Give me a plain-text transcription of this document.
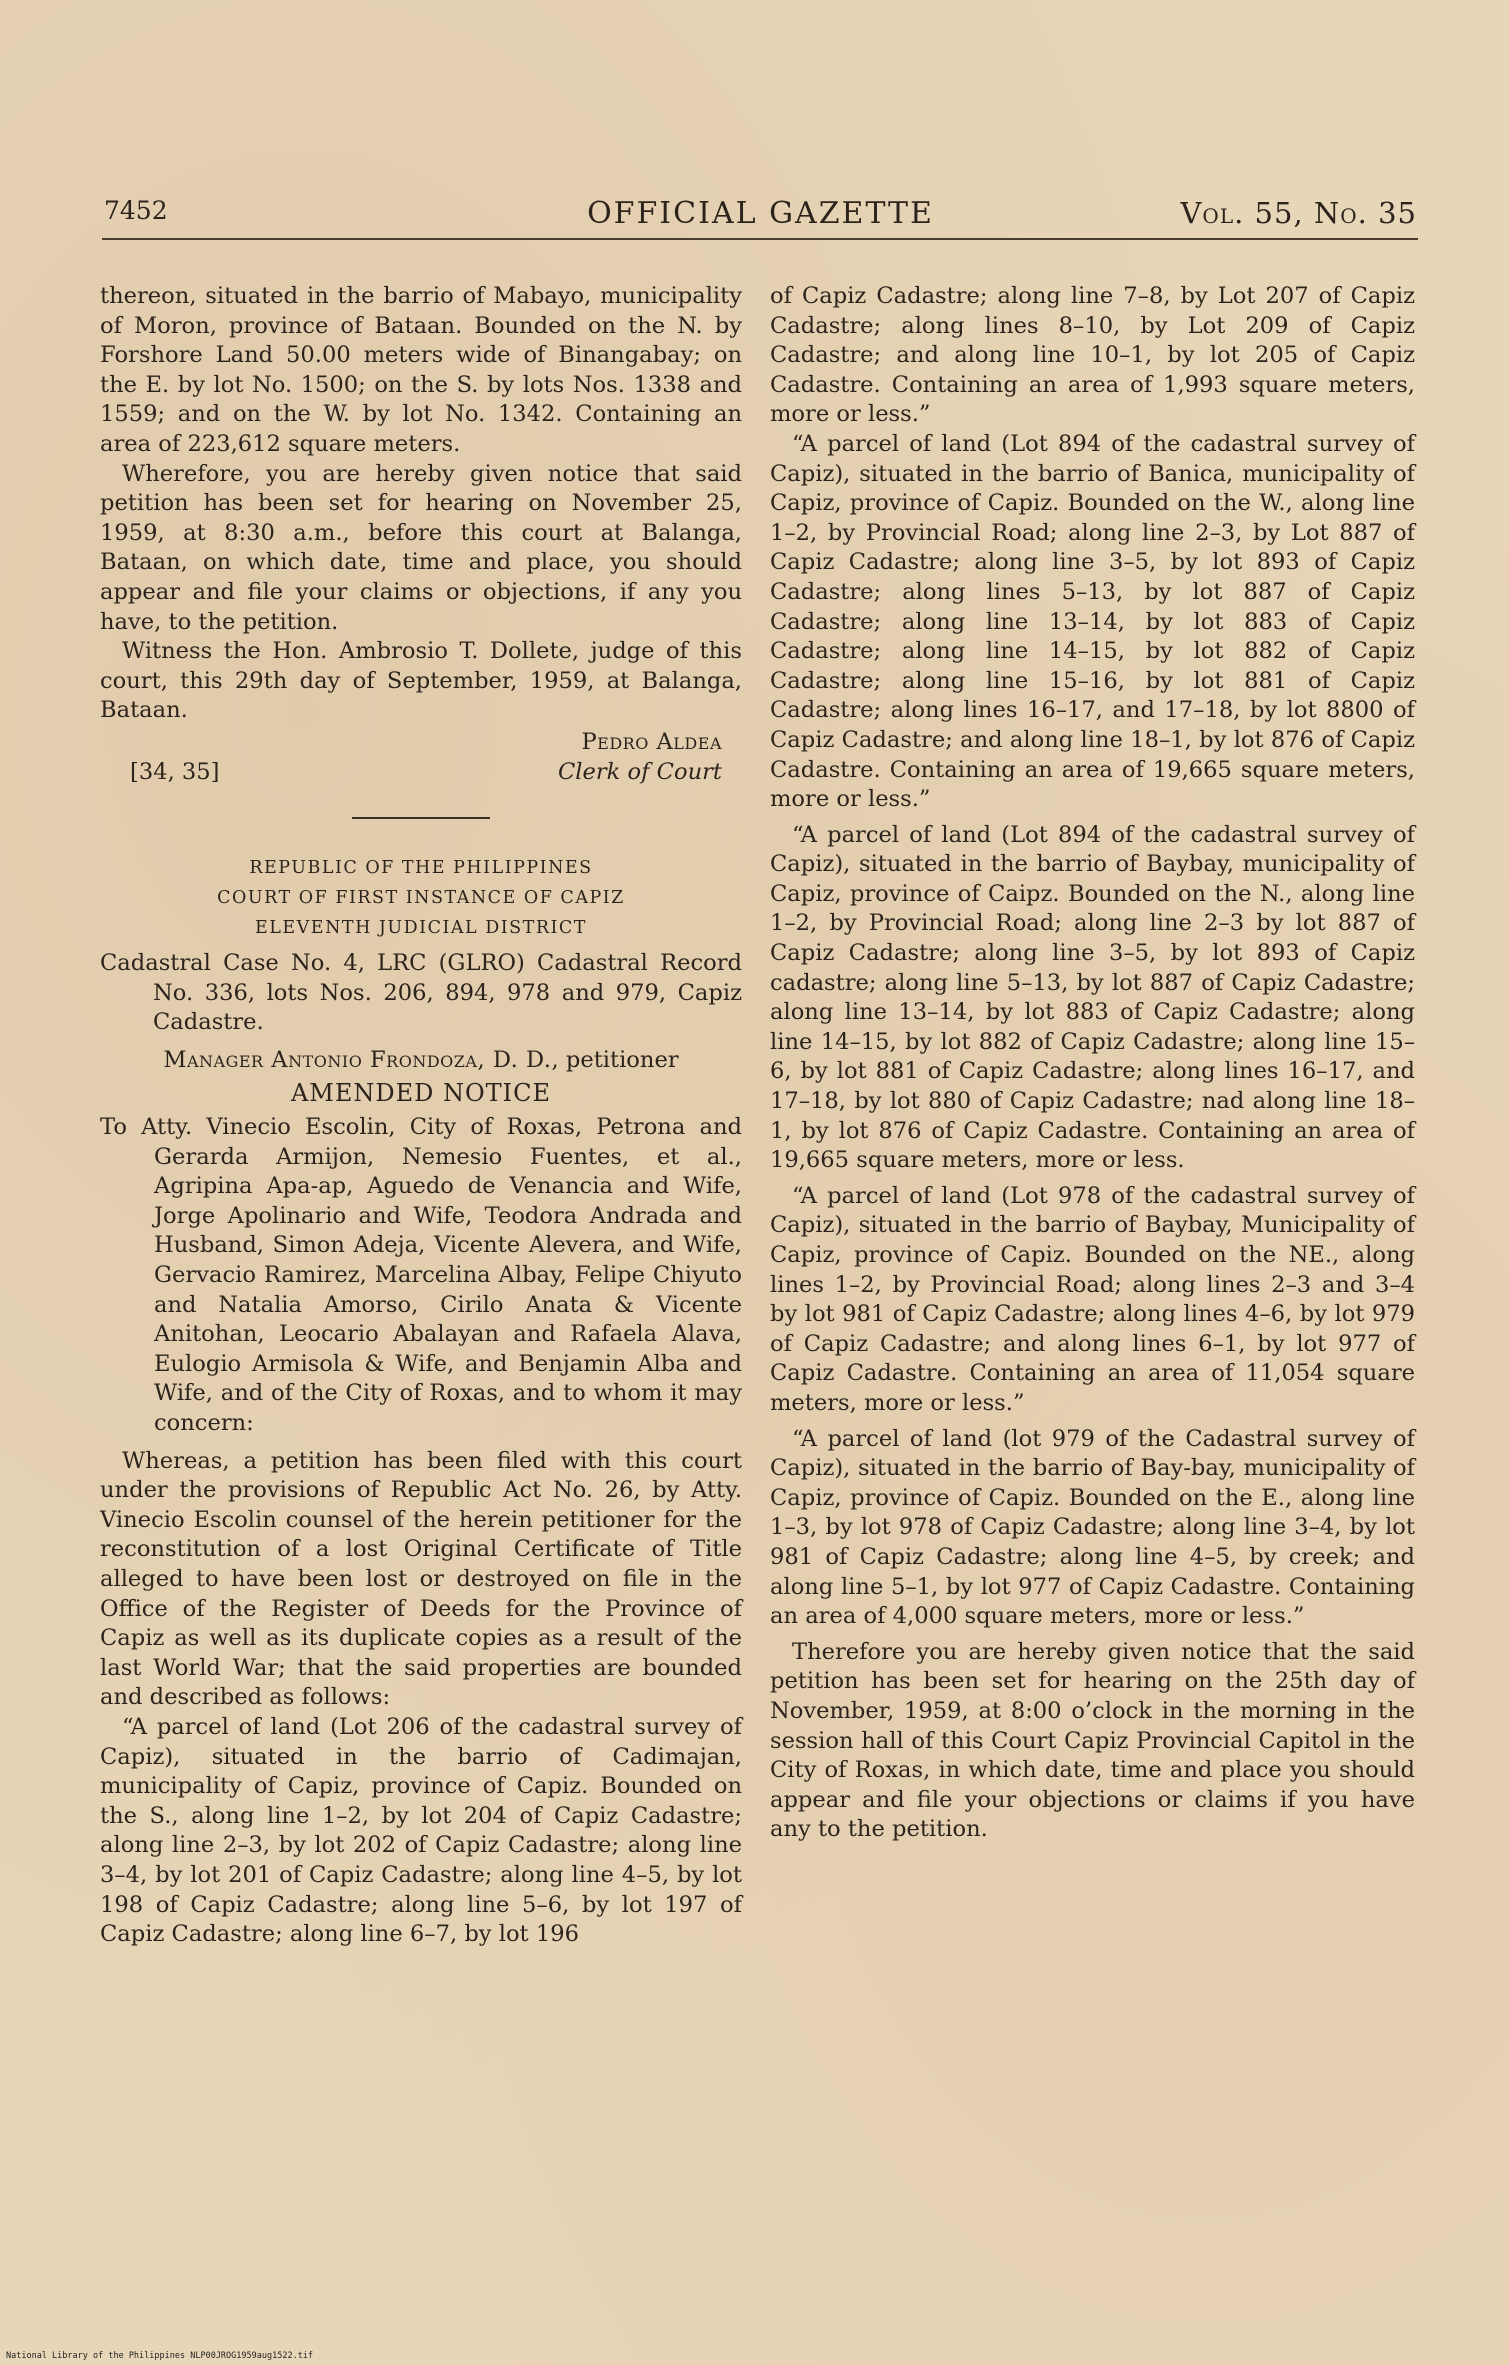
7452	OFFICIAL GAZETTE	Vol. 55, No. 35

thereon, situated in the barrio of Mabayo, municipality of Moron, province of Bataan. Bounded on the N. by Forshore Land 50.00 meters wide of Binangabay; on the E. by lot No. 1500; on the S. by lots Nos. 1338 and 1559; and on the W. by lot No. 1342. Containing an area of 223,612 square meters.

Wherefore, you are hereby given notice that said petition has been set for hearing on November 25, 1959, at 8:30 a.m., before this court at Balanga, Bataan, on which date, time and place, you should appear and file your claims or objections, if any you have, to the petition.

Witness the Hon. Ambrosio T. Dollete, judge of this court, this 29th day of September, 1959, at Balanga, Bataan.

[34, 35]
Pedro Aldea
Clerk of Court
REPUBLIC OF THE PHILIPPINES
COURT OF FIRST INSTANCE OF CAPIZ
ELEVENTH JUDICIAL DISTRICT

Cadastral Case No. 4, LRC (GLRO) Cadastral Record No. 336, lots Nos. 206, 894, 978 and 979, Capiz Cadastre.

Manager Antonio Frondoza, D. D., petitioner

AMENDED NOTICE

To Atty. Vinecio Escolin, City of Roxas, Petrona and Gerarda Armijon, Nemesio Fuentes, et al., Agripina Apa-ap, Aguedo de Venancia and Wife, Jorge Apolinario and Wife, Teodora Andrada and Husband, Simon Adeja, Vicente Alevera, and Wife, Gervacio Ramirez, Marcelina Albay, Felipe Chiyuto and Natalia Amorso, Cirilo Anata & Vicente Anitohan, Leocario Abalayan and Rafaela Alava, Eulogio Armisola & Wife, and Benjamin Alba and Wife, and of the City of Roxas, and to whom it may concern:

Whereas, a petition has been filed with this court under the provisions of Republic Act No. 26, by Atty. Vinecio Escolin counsel of the herein petitioner for the reconstitution of a lost Original Certificate of Title alleged to have been lost or destroyed on file in the Office of the Register of Deeds for the Province of Capiz as well as its duplicate copies as a result of the last World War; that the said properties are bounded and described as follows:

“A parcel of land (Lot 206 of the cadastral survey of Capiz), situated in the barrio of Cadimajan, municipality of Capiz, province of Capiz. Bounded on the S., along line 1–2, by lot 204 of Capiz Cadastre; along line 2–3, by lot 202 of Capiz Cadastre; along line 3–4, by lot 201 of Capiz Cadastre; along line 4–5, by lot 198 of Capiz Cadastre; along line 5–6, by lot 197 of Capiz Cadastre; along line 6–7, by lot 196

of Capiz Cadastre; along line 7–8, by Lot 207 of Capiz Cadastre; along lines 8–10, by Lot 209 of Capiz Cadastre; and along line 10–1, by lot 205 of Capiz Cadastre. Containing an area of 1,993 square meters, more or less.”

“A parcel of land (Lot 894 of the cadastral survey of Capiz), situated in the barrio of Banica, municipality of Capiz, province of Capiz. Bounded on the W., along line 1–2, by Provincial Road; along line 2–3, by Lot 887 of Capiz Cadastre; along line 3–5, by lot 893 of Capiz Cadastre; along lines 5–13, by lot 887 of Capiz Cadastre; along line 13–14, by lot 883 of Capiz Cadastre; along line 14–15, by lot 882 of Capiz Cadastre; along line 15–16, by lot 881 of Capiz Cadastre; along lines 16–17, and 17–18, by lot 8800 of Capiz Cadastre; and along line 18–1, by lot 876 of Capiz Cadastre. Containing an area of 19,665 square meters, more or less.”

“A parcel of land (Lot 894 of the cadastral survey of Capiz), situated in the barrio of Baybay, municipality of Capiz, province of Caipz. Bounded on the N., along line 1–2, by Provincial Road; along line 2–3 by lot 887 of Capiz Cadastre; along line 3–5, by lot 893 of Capiz cadastre; along line 5–13, by lot 887 of Capiz Cadastre; along line 13–14, by lot 883 of Capiz Cadastre; along line 14–15, by lot 882 of Capiz Cadastre; along line 15–6, by lot 881 of Capiz Cadastre; along lines 16–17, and 17–18, by lot 880 of Capiz Cadastre; nad along line 18–1, by lot 876 of Capiz Cadastre. Containing an area of 19,665 square meters, more or less.

“A parcel of land (Lot 978 of the cadastral survey of Capiz), situated in the barrio of Baybay, Municipality of Capiz, province of Capiz. Bounded on the NE., along lines 1–2, by Provincial Road; along lines 2–3 and 3–4 by lot 981 of Capiz Cadastre; along lines 4–6, by lot 979 of Capiz Cadastre; and along lines 6–1, by lot 977 of Capiz Cadastre. Containing an area of 11,054 square meters, more or less.”

“A parcel of land (lot 979 of the Cadastral survey of Capiz), situated in the barrio of Bay-bay, municipality of Capiz, province of Capiz. Bounded on the E., along line 1–3, by lot 978 of Capiz Cadastre; along line 3–4, by lot 981 of Capiz Cadastre; along line 4–5, by creek; and along line 5–1, by lot 977 of Capiz Cadastre. Containing an area of 4,000 square meters, more or less.”

Therefore you are hereby given notice that the said petition has been set for hearing on the 25th day of November, 1959, at 8:00 o’clock in the morning in the session hall of this Court Capiz Provincial Capitol in the City of Roxas, in which date, time and place you should appear and file your objections or claims if you have any to the petition.

National Library of the Philippines NLP00JROG1959aug1522.tif
